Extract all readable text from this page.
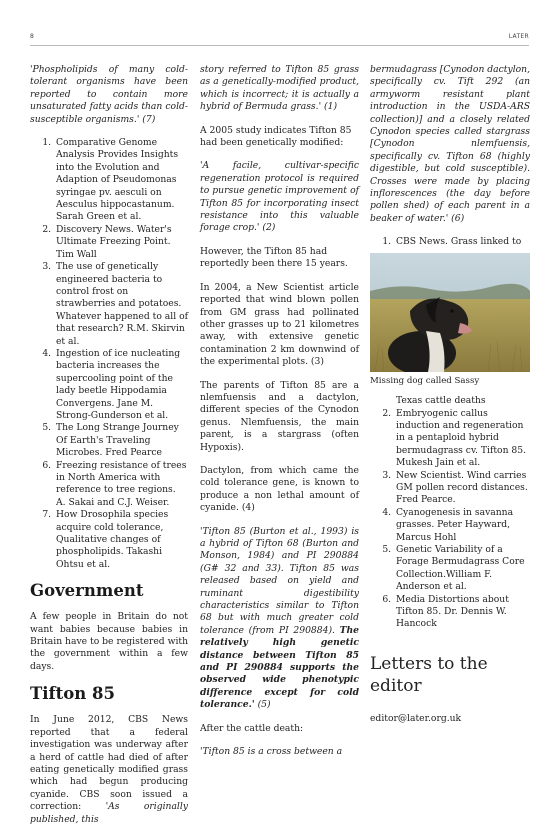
8	LATER

'Phospholipids of many cold-tolerant organisms have been reported to contain more unsaturated fatty acids than cold-susceptible organisms.' (7)

1. Comparative Genome Analysis Provides Insights into the Evolution and Adaption of Pseudomonas syringae pv. aesculi on Aesculus hippocastanum. Sarah Green et al.
2. Discovery News. Water's Ultimate Freezing Point. Tim Wall
3. The use of genetically engineered bacteria to control frost on strawberries and potatoes. Whatever happened to all of that research? R.M. Skirvin et al.
4. Ingestion of ice nucleating bacteria increases the supercooling point of the lady beetle Hippodamia Convergens. Jane M. Strong-Gunderson et al.
5. The Long Strange Journey Of Earth's Traveling Microbes. Fred Pearce
6. Freezing resistance of trees in North America with reference to tree regions. A. Sakai and C.J. Weiser.
7. How Drosophila species acquire cold tolerance, Qualitative changes of phospholipids. Takashi Ohtsu et al.
Government

A few people in Britain do not want babies because babies in Britain have to be registered with the government within a few days.

Tifton 85

In June 2012, CBS News reported that a federal investigation was underway after a herd of cattle had died of after eating genetically modified grass which had begun producing cyanide. CBS soon issued a correction:	'As originally published, this

story referred to Tifton 85 grass as a genetically-modified product, which is incorrect; it is actually a hybrid of Bermuda grass.' (1)

A 2005 study indicates Tifton 85 had been genetically modified:

'A facile, cultivar-specific regeneration protocol is required to pursue genetic improvement of Tifton 85 for incorporating insect resistance into this valuable forage crop.' (2)

However, the Tifton 85 had reportedly been there 15 years.

In 2004, a New Scientist article reported that wind blown pollen from GM grass had pollinated other grasses up to 21 kilometres away, with extensive genetic contamination 2 km downwind of the experimental plots. (3)

The parents of Tifton 85 are a nlemfuensis and a dactylon, different species of the Cynodon genus. Nlemfuensis, the main parent, is a stargrass (often Hypoxis).

Dactylon, from which came the cold tolerance gene, is known to produce a non lethal amount of cyanide. (4)

'Tifton 85 (Burton et al., 1993) is a hybrid of Tifton 68 (Burton and Monson, 1984) and PI 290884 (G# 32 and 33). Tifton 85 was released based on yield and ruminant digestibility characteristics similar to Tifton 68 but with much greater cold tolerance (from PI 290884). The relatively high genetic distance between Tifton 85 and PI 290884 supports the observed wide phenotypic difference except for cold tolerance.' (5)

After the cattle death:

'Tifton 85 is a cross between a

bermudagrass [Cynodon dactylon, specifically cv. Tift 292 (an armyworm resistant plant introduction in the USDA-ARS collection)] and a closely related Cynodon species called stargrass [Cynodon nlemfuensis, specifically cv. Tifton 68 (highly digestible, but cold susceptible). Crosses were made by placing inflorescences (the day before pollen shed) of each parent in a beaker of water.' (6)

1. CBS News. Grass linked to

Missing dog called Sassy

Texas cattle deaths

2. Embryogenic callus induction and regeneration in a pentaploid hybrid bermudagrass cv. Tifton 85. Mukesh Jain et al.
3. New Scientist. Wind carries GM pollen record distances. Fred Pearce.
4. Cyanogenesis in savanna grasses. Peter Hayward, Marcus Hohl
5. Genetic Variability of a Forage Bermudagrass Core Collection.William F. Anderson et al.
6. Media Distortions about Tifton 85. Dr. Dennis W. Hancock
Letters to the editor

editor@later.org.uk
